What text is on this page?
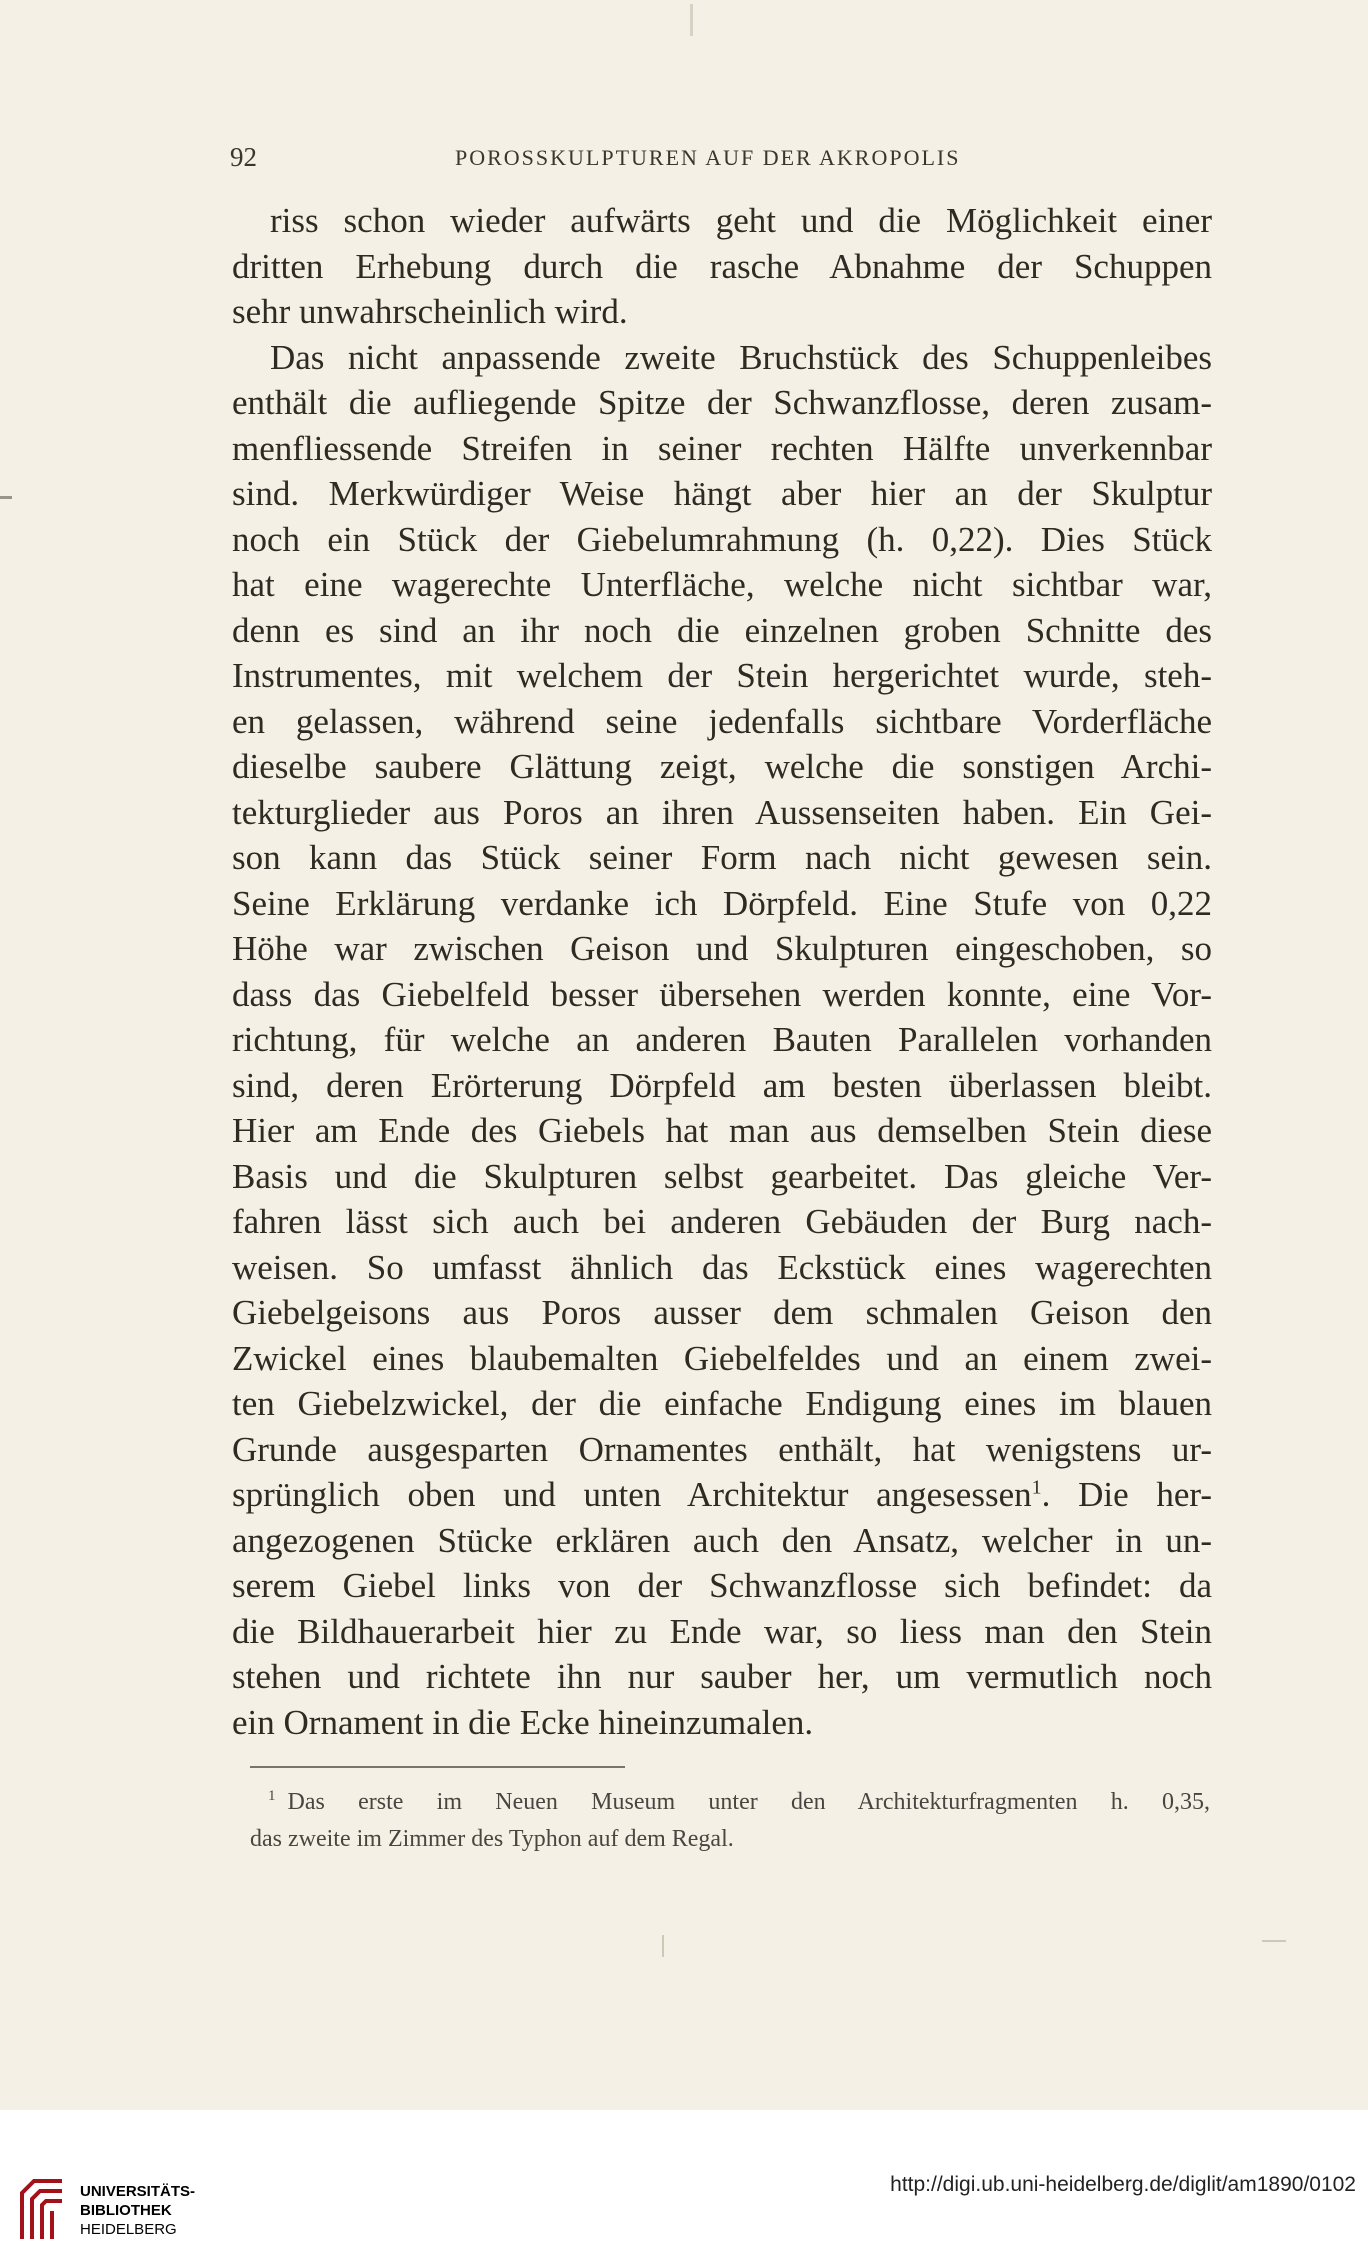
92	POROSSKULPTUREN AUF DER AKROPOLIS
riss schon wieder aufwärts geht und die Möglichkeit einer
dritten Erhebung durch die rasche Abnahme der Schuppen
sehr unwahrscheinlich wird.
Das nicht anpassende zweite Bruchstück des Schuppenleibes
enthält die aufliegende Spitze der Schwanzflosse, deren zusam-
menfliessende Streifen in seiner rechten Hälfte unverkennbar
sind. Merkwürdiger Weise hängt aber hier an der Skulptur
noch ein Stück der Giebelumrahmung (h. 0,22). Dies Stück
hat eine wagerechte Unterfläche, welche nicht sichtbar war,
denn es sind an ihr noch die einzelnen groben Schnitte des
Instrumentes, mit welchem der Stein hergerichtet wurde, steh-
en gelassen, während seine jedenfalls sichtbare Vorderfläche
dieselbe saubere Glättung zeigt, welche die sonstigen Archi-
tekturglieder aus Poros an ihren Aussenseiten haben. Ein Gei-
son kann das Stück seiner Form nach nicht gewesen sein.
Seine Erklärung verdanke ich Dörpfeld. Eine Stufe von 0,22
Höhe war zwischen Geison und Skulpturen eingeschoben, so
dass das Giebelfeld besser übersehen werden konnte, eine Vor-
richtung, für welche an anderen Bauten Parallelen vorhanden
sind, deren Erörterung Dörpfeld am besten überlassen bleibt.
Hier am Ende des Giebels hat man aus demselben Stein diese
Basis und die Skulpturen selbst gearbeitet. Das gleiche Ver-
fahren lässt sich auch bei anderen Gebäuden der Burg nach-
weisen. So umfasst ähnlich das Eckstück eines wagerechten
Giebelgeisons aus Poros ausser dem schmalen Geison den
Zwickel eines blaubemalten Giebelfeldes und an einem zwei-
ten Giebelzwickel, der die einfache Endigung eines im blauen
Grunde ausgesparten Ornamentes enthält, hat wenigstens ur-
sprünglich oben und unten Architektur angesessen$^1$. Die her-
angezogenen Stücke erklären auch den Ansatz, welcher in un-
serem Giebel links von der Schwanzflosse sich befindet: da
die Bildhauerarbeit hier zu Ende war, so liess man den Stein
stehen und richtete ihn nur sauber her, um vermutlich noch
ein Ornament in die Ecke hineinzumalen.
$^1$ Das erste im Neuen Museum unter den Architekturfragmenten h. 0,35,
das zweite im Zimmer des Typhon auf dem Regal.
UNIVERSITÄTS-
BIBLIOTHEK
HEIDELBERG
http://digi.ub.uni-heidelberg.de/diglit/am1890/0102
